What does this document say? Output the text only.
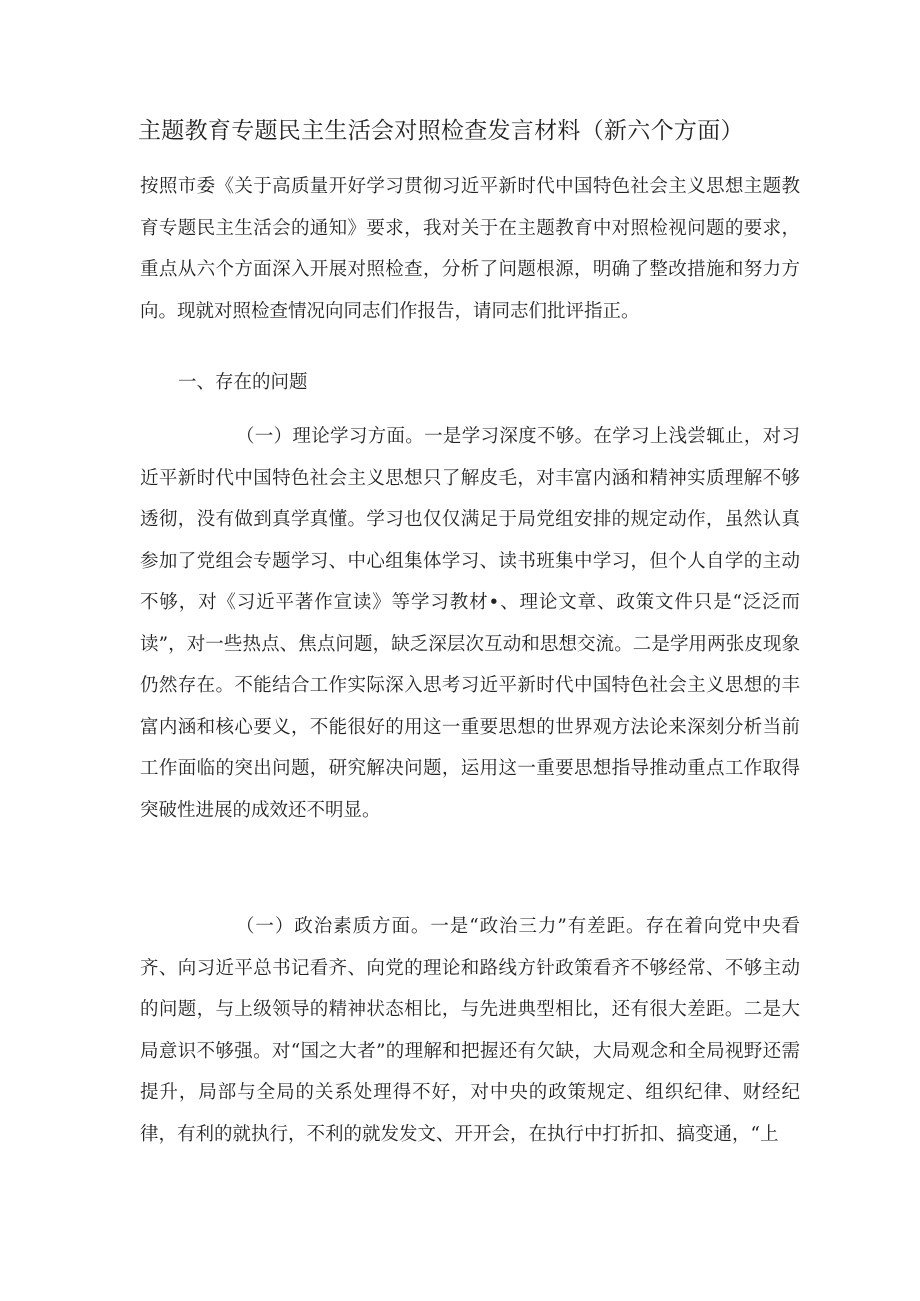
主题教育专题民主生活会对照检查发言材料（新六个方面）

按照市委《关于高质量开好学习贯彻习近平新时代中国特色社会主义思想主题教育专题民主生活会的通知》要求，我对关于在主题教育中对照检视问题的要求，重点从六个方面深入开展对照检查，分析了问题根源，明确了整改措施和努力方向。现就对照检查情况向同志们作报告，请同志们批评指正。

一、存在的问题

（一）理论学习方面。一是学习深度不够。在学习上浅尝辄止，对习近平新时代中国特色社会主义思想只了解皮毛，对丰富内涵和精神实质理解不够透彻，没有做到真学真懂。学习也仅仅满足于局党组安排的规定动作，虽然认真参加了党组会专题学习、中心组集体学习、读书班集中学习，但个人自学的主动不够，对《习近平著作宣读》等学习教材•、理论文章、政策文件只是“泛泛而读”，对一些热点、焦点问题，缺乏深层次互动和思想交流。二是学用两张皮现象仍然存在。不能结合工作实际深入思考习近平新时代中国特色社会主义思想的丰富内涵和核心要义，不能很好的用这一重要思想的世界观方法论来深刻分析当前工作面临的突出问题，研究解决问题，运用这一重要思想指导推动重点工作取得突破性进展的成效还不明显。

（一）政治素质方面。一是“政治三力”有差距。存在着向党中央看齐、向习近平总书记看齐、向党的理论和路线方针政策看齐不够经常、不够主动的问题，与上级领导的精神状态相比，与先进典型相比，还有很大差距。二是大局意识不够强。对“国之大者”的理解和把握还有欠缺，大局观念和全局视野还需提升，局部与全局的关系处理得不好，对中央的政策规定、组织纪律、财经纪律，有利的就执行，不利的就发发文、开开会，在执行中打折扣、搞变通，“上
